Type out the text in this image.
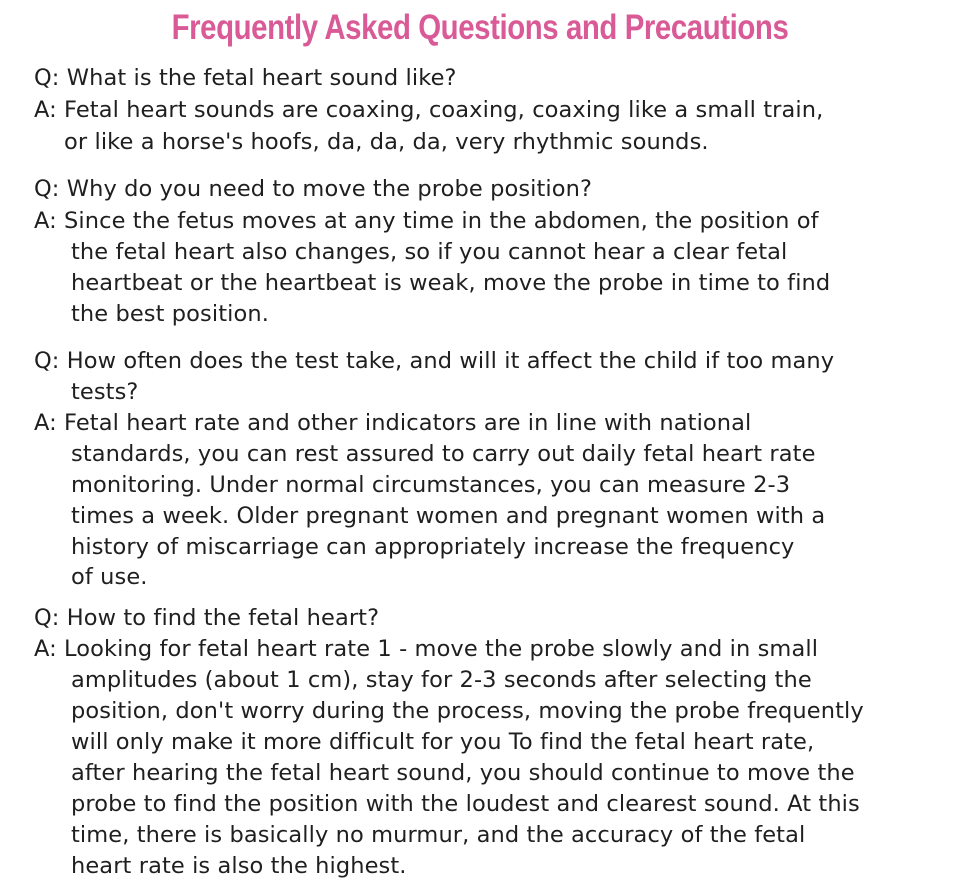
Frequently Asked Questions and Precautions
Q: What is the fetal heart sound like?
A: Fetal heart sounds are coaxing, coaxing, coaxing like a small train,
or like a horse's hoofs, da, da, da, very rhythmic sounds.
Q: Why do you need to move the probe position?
A: Since the fetus moves at any time in the abdomen, the position of
the fetal heart also changes, so if you cannot hear a clear fetal
heartbeat or the heartbeat is weak, move the probe in time to find
the best position.
Q: How often does the test take, and will it affect the child if too many
tests?
A: Fetal heart rate and other indicators are in line with national
standards, you can rest assured to carry out daily fetal heart rate
monitoring. Under normal circumstances, you can measure 2-3
times a week. Older pregnant women and pregnant women with a
history of miscarriage can appropriately increase the frequency
of use.
Q: How to find the fetal heart?
A: Looking for fetal heart rate 1 - move the probe slowly and in small
amplitudes (about 1 cm), stay for 2-3 seconds after selecting the
position, don't worry during the process, moving the probe frequently
will only make it more difficult for you To find the fetal heart rate,
after hearing the fetal heart sound, you should continue to move the
probe to find the position with the loudest and clearest sound. At this
time, there is basically no murmur, and the accuracy of the fetal
heart rate is also the highest.
